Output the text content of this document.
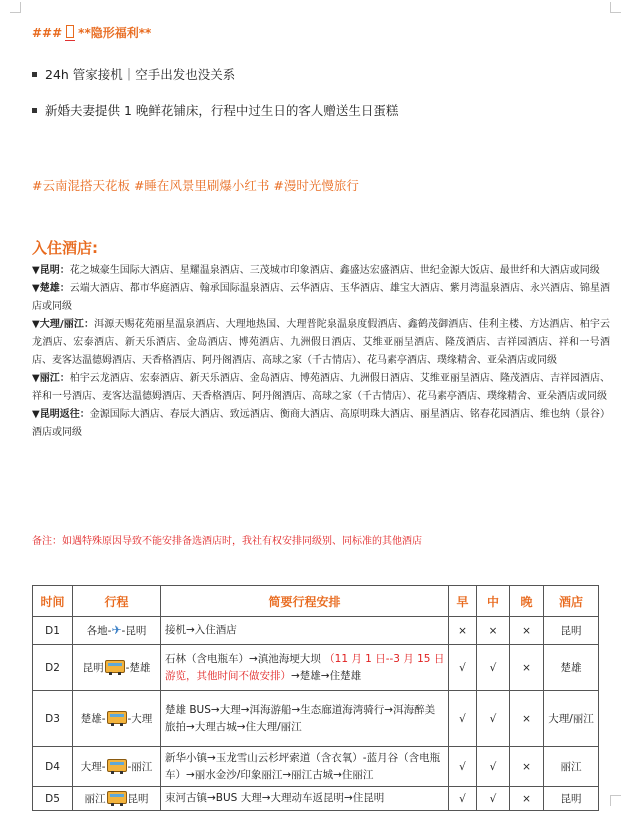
### **隐形福利**
24h 管家接机｜空手出发也没关系
新婚夫妻提供 1 晚鲜花铺床，行程中过生日的客人赠送生日蛋糕
#云南混搭天花板 #睡在风景里刷爆小红书 #漫时光慢旅行
入住酒店:

▼昆明：花之城豪生国际大酒店、星耀温泉酒店、三茂城市印象酒店、鑫盛达宏盛酒店、世纪金源大饭店、最世纤和大酒店或同级

▼楚雄：云端大酒店、都市华庭酒店、翰承国际温泉酒店、云华酒店、玉华酒店、雄宝大酒店、紫月湾温泉酒店、永兴酒店、锦星酒店或同级

▼大理/丽江：洱源天赐花苑丽星温泉酒店、大理地热国、大理普陀泉温泉度假酒店、鑫鹤茂御酒店、佳利主楼、方达酒店、柏宇云龙酒店、宏泰酒店、新天乐酒店、金岛酒店、博苑酒店、九洲假日酒店、艾维亚丽呈酒店、隆茂酒店、吉祥园酒店、祥和一号酒店、麦客达温德姆酒店、天香格酒店、阿丹阁酒店、高球之家（千古情店）、花马素亭酒店、璞缘精舍、亚朵酒店或同级

▼丽江：柏宇云龙酒店、宏泰酒店、新天乐酒店、金岛酒店、博苑酒店、九洲假日酒店、艾维亚丽呈酒店、隆茂酒店、吉祥园酒店、祥和一号酒店、麦客达温德姆酒店、天香格酒店、阿丹阁酒店、高球之家（千古情店）、花马素亭酒店、璞缘精舍、亚朵酒店或同级

▼昆明返往：金源国际大酒店、春辰大酒店、致远酒店、衡商大酒店、高原明珠大酒店、丽星酒店、铭春花园酒店、维也纳（景谷）酒店或同级

备注：如遇特殊原因导致不能安排备选酒店时，我社有权安排同级别、同标准的其他酒店
时间	行程	简要行程安排	早	中	晚	酒店
D1	各地-✈-昆明	接机→入住酒店	×	×	×	昆明
D2	昆明 -楚雄	石林（含电瓶车）→滇池海埂大坝 （11 月 1 日--3 月 15 日游览，其他时间不做安排）→楚雄→住楚雄	√	√	×	楚雄
D3	楚雄- -大理	楚雄 BUS→大理→洱海游船→生态廊道海湾骑行→洱海醉美旅拍→大理古城→住大理/丽江	√	√	×	大理/丽江
D4	大理- -丽江	新华小镇→玉龙雪山云杉坪索道（含衣氧）-蓝月谷（含电瓶车）→丽水金沙/印象丽江→丽江古城→住丽江	√	√	×	丽江
D5	丽江 昆明	束河古镇→BUS 大理→大理动车返昆明→住昆明	√	√	×	昆明
